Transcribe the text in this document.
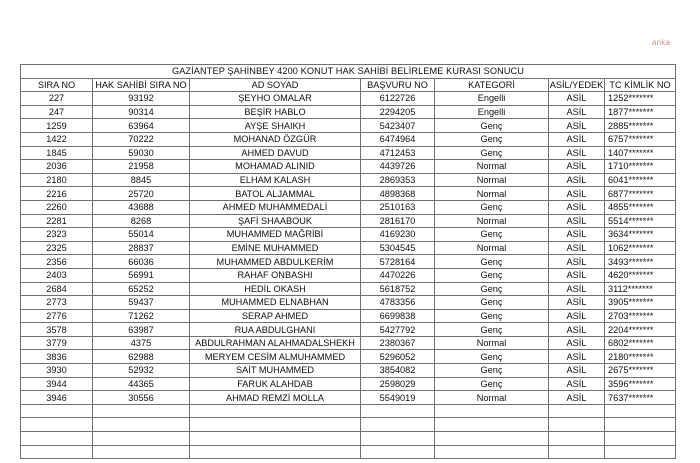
anka
GAZİANTEP ŞAHİNBEY 4200 KONUT HAK SAHİBİ BELİRLEME KURASI SONUCU						
SIRA NO	HAK SAHİBİ SIRA NO	AD SOYAD	BAŞVURU NO	KATEGORİ	ASİL/YEDEK	TC KİMLİK NO
227	93192	ŞEYHO OMALAR	6122726	Engelli	ASİL	1252*******
247	90314	BEŞİR HABLO	2294205	Engelli	ASİL	1877*******
1259	63964	AYŞE SHAIKH	5423407	Genç	ASİL	2885*******
1422	70222	MOHANAD ÖZGÜR	6474964	Genç	ASİL	6757*******
1845	59030	AHMED DAVUD	4712453	Genç	ASİL	1407*******
2036	21958	MOHAMAD ALINID	4439726	Normal	ASİL	1710*******
2180	8845	ELHAM KALASH	2869353	Normal	ASİL	6041*******
2216	25720	BATOL ALJAMMAL	4898368	Normal	ASİL	6877*******
2260	43688	AHMED MUHAMMEDALİ	2510163	Genç	ASİL	4855*******
2281	8268	ŞAFİ SHAABOUK	2816170	Normal	ASİL	5514*******
2323	55014	MUHAMMED MAĞRİBİ	4169230	Genç	ASİL	3634*******
2325	28837	EMİNE MUHAMMED	5304545	Normal	ASİL	1062*******
2356	66036	MUHAMMED ABDULKERİM	5728164	Genç	ASİL	3493*******
2403	56991	RAHAF ONBASHI	4470226	Genç	ASİL	4620*******
2684	65252	HEDİL OKASH	5618752	Genç	ASİL	3112*******
2773	59437	MUHAMMED ELNABHAN	4783356	Genç	ASİL	3905*******
2776	71262	SERAP AHMED	6699838	Genç	ASİL	2703*******
3578	63987	RUA ABDULGHANI	5427792	Genç	ASİL	2204*******
3779	4375	ABDULRAHMAN ALAHMADALSHEKH	2380367	Normal	ASİL	6802*******
3836	62988	MERYEM CESİM ALMUHAMMED	5296052	Genç	ASİL	2180*******
3930	52932	SAİT MUHAMMED	3854082	Genç	ASİL	2675*******
3944	44365	FARUK ALAHDAB	2598029	Genç	ASİL	3596*******
3946	30556	AHMAD REMZİ MOLLA	5549019	Normal	ASİL	7637*******
